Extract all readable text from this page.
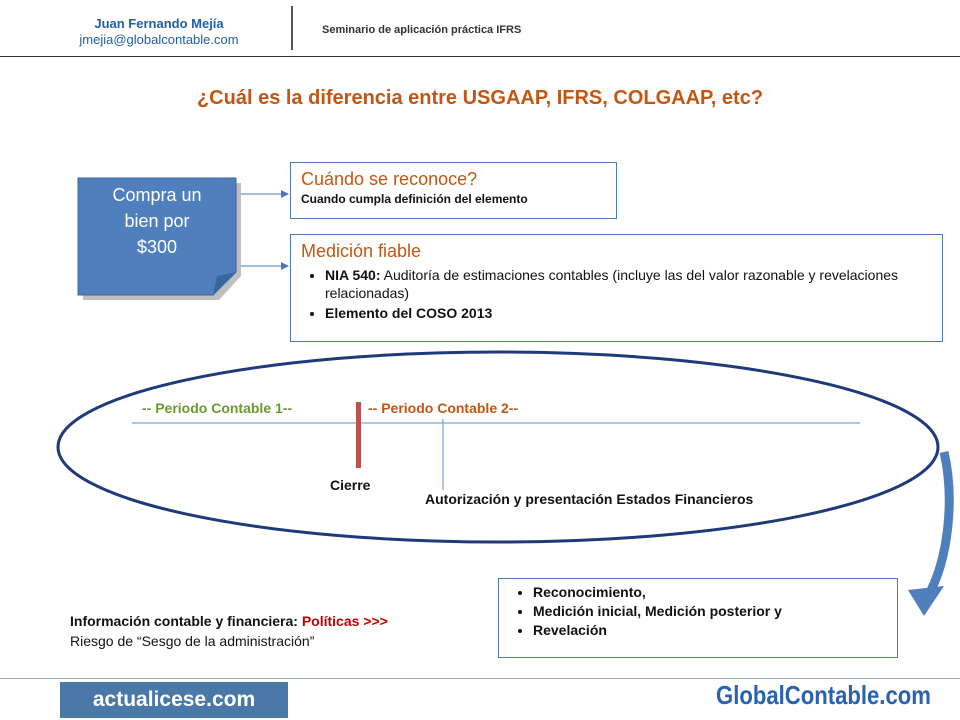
Juan Fernando Mejía
jmejia@globalcontable.com
Seminario de aplicación práctica IFRS
¿Cuál es la diferencia entre USGAAP, IFRS, COLGAAP, etc?
Compra un
bien por
$300
Cuándo se reconoce?
Cuando cumpla definición del elemento
Medición fiable
• NIA 540: Auditoría de estimaciones contables (incluye las del valor razonable y revelaciones relacionadas)
• Elemento del COSO 2013
-- Periodo Contable 1--	-- Periodo Contable 2--
Cierre
Autorización y presentación Estados Financieros
Información contable y financiera: Políticas >>>
Riesgo de “Sesgo de la administración”
• Reconocimiento,
• Medición inicial, Medición posterior y
• Revelación
actualicese.com	GlobalContable.com
